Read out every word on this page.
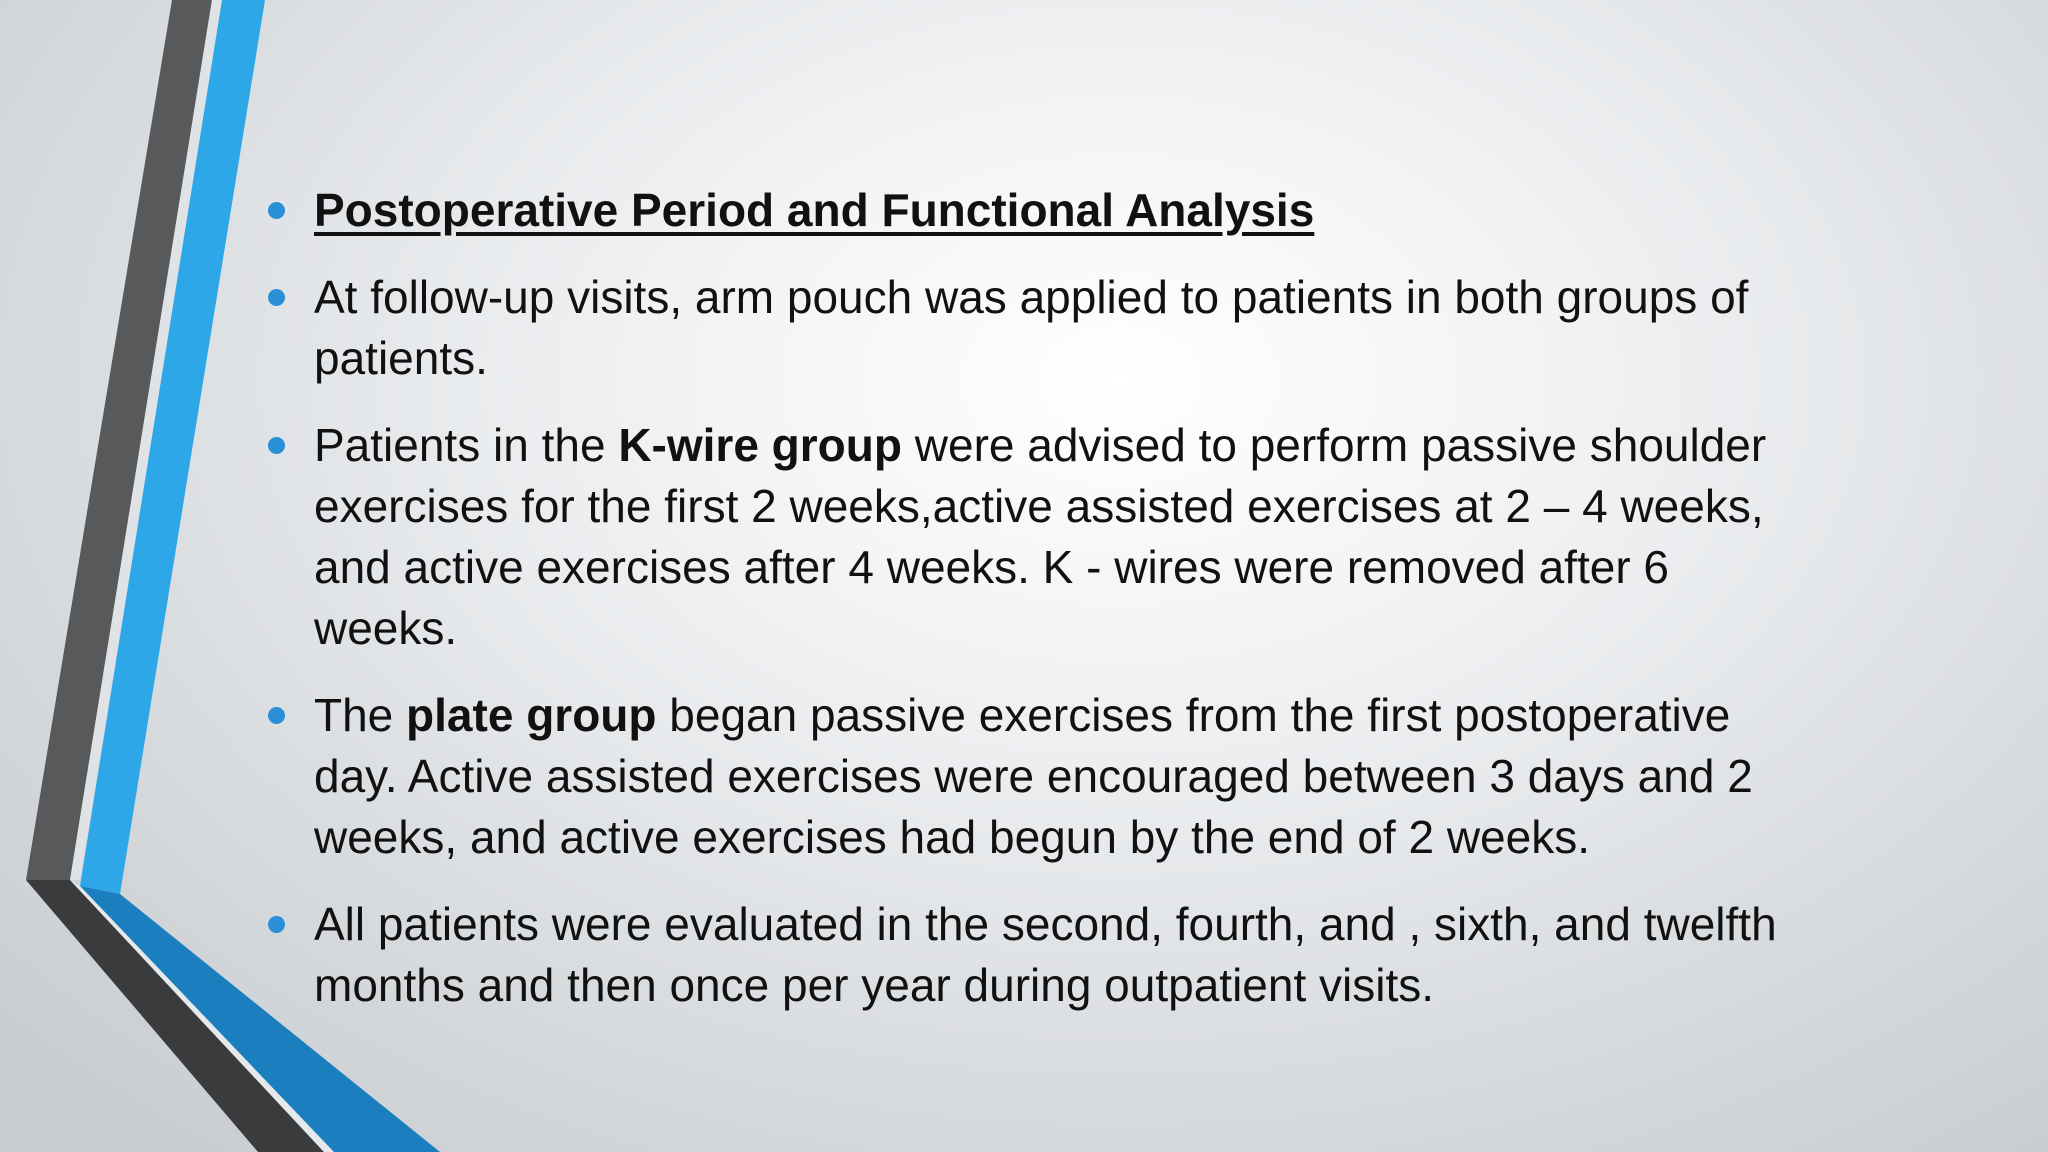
Postoperative Period and Functional Analysis
At follow-up visits, arm pouch was applied to patients in both groups of patients.
Patients in the K-wire group were advised to perform passive shoulder exercises for the first 2 weeks,active assisted exercises at 2 – 4 weeks, and active exercises after 4 weeks. K - wires were removed after 6 weeks.
The plate group began passive exercises from the first postoperative day. Active assisted exercises were encouraged between 3 days and 2 weeks, and active exercises had begun by the end of 2 weeks.
All patients were evaluated in the second, fourth, and , sixth, and twelfth months and then once per year during outpatient visits.
